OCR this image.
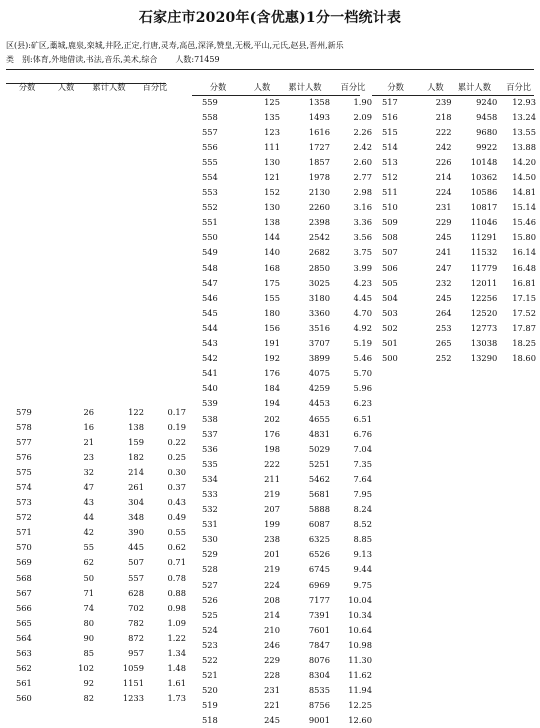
石家庄市2020年(含优惠)1分一档统计表
区(县):矿区,藁城,鹿泉,栾城,井陉,正定,行唐,灵寿,高邑,深泽,赞皇,无极,平山,元氏,赵县,晋州,新乐
类　别:体育,外地借读,书法,音乐,美术,综合 人数:71459
分数	人数	累计人数	百分比
579	26	122	0.17
578	16	138	0.19
577	21	159	0.22
576	23	182	0.25
575	32	214	0.30
574	47	261	0.37
573	43	304	0.43
572	44	348	0.49
571	42	390	0.55
570	55	445	0.62
569	62	507	0.71
568	50	557	0.78
567	71	628	0.88
566	74	702	0.98
565	80	782	1.09
564	90	872	1.22
563	85	957	1.34
562	102	1059	1.48
561	92	1151	1.61
560	82	1233	1.73
分数	人数	累计人数	百分比
559	125	1358	1.90
558	135	1493	2.09
557	123	1616	2.26
556	111	1727	2.42
555	130	1857	2.60
554	121	1978	2.77
553	152	2130	2.98
552	130	2260	3.16
551	138	2398	3.36
550	144	2542	3.56
549	140	2682	3.75
548	168	2850	3.99
547	175	3025	4.23
546	155	3180	4.45
545	180	3360	4.70
544	156	3516	4.92
543	191	3707	5.19
542	192	3899	5.46
541	176	4075	5.70
540	184	4259	5.96
539	194	4453	6.23
538	202	4655	6.51
537	176	4831	6.76
536	198	5029	7.04
535	222	5251	7.35
534	211	5462	7.64
533	219	5681	7.95
532	207	5888	8.24
531	199	6087	8.52
530	238	6325	8.85
529	201	6526	9.13
528	219	6745	9.44
527	224	6969	9.75
526	208	7177	10.04
525	214	7391	10.34
524	210	7601	10.64
523	246	7847	10.98
522	229	8076	11.30
521	228	8304	11.62
520	231	8535	11.94
519	221	8756	12.25
518	245	9001	12.60
分数	人数	累计人数	百分比
517	239	9240	12.93
516	218	9458	13.24
515	222	9680	13.55
514	242	9922	13.88
513	226	10148	14.20
512	214	10362	14.50
511	224	10586	14.81
510	231	10817	15.14
509	229	11046	15.46
508	245	11291	15.80
507	241	11532	16.14
506	247	11779	16.48
505	232	12011	16.81
504	245	12256	17.15
503	264	12520	17.52
502	253	12773	17.87
501	265	13038	18.25
500	252	13290	18.60
